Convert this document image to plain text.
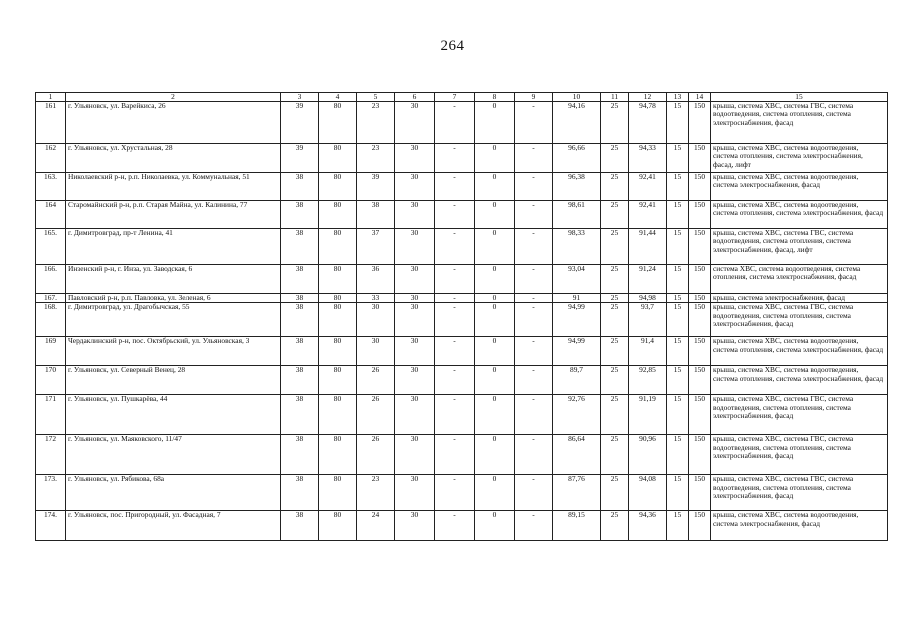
264
1	2	3	4	5	6	7	8	9	10	11	12	13	14	15
161	г. Ульяновск, ул. Варейкиса, 26	39	80	23	30	-	0	-	94,16	25	94,78	15	150	крыша, система ХВС, система ГВС, система водоотведения, система отопления, система электроснабжения, фасад
162	г. Ульяновск, ул. Хрустальная, 28	39	80	23	30	-	0	-	96,66	25	94,33	15	150	крыша, система ХВС, система водоотведения, система отопления, система электроснабжения, фасад, лифт
163.	Николаевский р-н, р.п. Николаевка, ул. Коммунальная, 51	38	80	39	30	-	0	-	96,38	25	92,41	15	150	крыша, система ХВС, система водоотведения, система электроснабжения, фасад
164	Старомайнский р-н, р.п. Старая Майна, ул. Калинина, 77	38	80	38	30	-	0	-	98,61	25	92,41	15	150	крыша, система ХВС, система водоотведения, система отопления, система электроснабжения, фасад
165.	г. Димитровград, пр-т Ленина, 41	38	80	37	30	-	0	-	98,33	25	91,44	15	150	крыша, система ХВС, система ГВС, система водоотведения, система отопления, система электроснабжения, фасад, лифт
166.	Инзенский р-н, г. Инза, ул. Заводская, 6	38	80	36	30	-	0	-	93,04	25	91,24	15	150	система ХВС, система водоотведения, система отопления, система электроснабжения, фасад
167.	Павловский р-н, р.п. Павловка, ул. Зеленая, 6	38	80	33	30	-	0	-	91	25	94,98	15	150	крыша, система электроснабжения, фасад
168.	г. Димитровград, ул. Драгобычская, 55	38	80	30	30	-	0	-	94,99	25	93,7	15	150	крыша, система ХВС, система ГВС, система водоотведения, система отопления, система электроснабжения, фасад
169	Чердаклинский р-н, пос. Октябрьский, ул. Ульяновская, 3	38	80	30	30	-	0	-	94,99	25	91,4	15	150	крыша, система ХВС, система водоотведения, система отопления, система электроснабжения, фасад
170	г. Ульяновск, ул. Северный Венец, 28	38	80	26	30	-	0	-	89,7	25	92,85	15	150	крыша, система ХВС, система водоотведения, система отопления, система электроснабжения, фасад
171	г. Ульяновск, ул. Пушкарёва, 44	38	80	26	30	-	0	-	92,76	25	91,19	15	150	крыша, система ХВС, система ГВС, система водоотведения, система отопления, система электроснабжения, фасад
172	г. Ульяновск, ул. Маяковского, 11/47	38	80	26	30	-	0	-	86,64	25	90,96	15	150	крыша, система ХВС, система ГВС, система водоотведения, система отопления, система электроснабжения, фасад
173.	г. Ульяновск, ул. Рябикова, 68а	38	80	23	30	-	0	-	87,76	25	94,08	15	150	крыша, система ХВС, система ГВС, система водоотведения, система отопления, система электроснабжения, фасад
174.	г. Ульяновск, пос. Пригородный, ул. Фасадная, 7	38	80	24	30	-	0	-	89,15	25	94,36	15	150	крыша, система ХВС, система водоотведения, система электроснабжения, фасад
